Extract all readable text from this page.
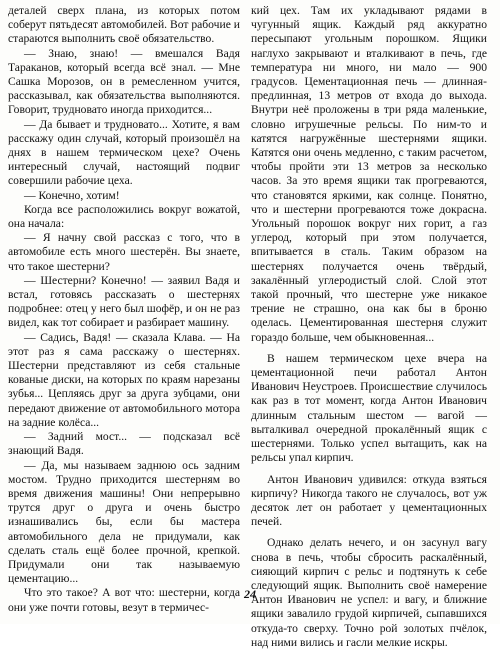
деталей сверх плана, из которых потом соберут пятьдесят автомобилей. Вот рабочие и стараются выполнить своё обязательство.

— Знаю, знаю! — вмешался Вадя Тараканов, который всегда всё знал. — Мне Сашка Морозов, он в ремесленном учится, рассказывал, как обязательства выполняются. Говорит, трудновато иногда приходится...

— Да бывает и трудновато... Хотите, я вам расскажу один случай, который произошёл на днях в нашем термическом цехе? Очень интересный случай, настоящий подвиг совершили рабочие цеха.

— Конечно, хотим!

Когда все расположились вокруг вожатой, она начала:

— Я начну свой рассказ с того, что в автомобиле есть много шестерён. Вы знаете, что такое шестерни?

— Шестерни? Конечно! — заявил Вадя и встал, готовясь рассказать о шестернях подробнее: отец у него был шофёр, и он не раз видел, как тот собирает и разбирает машину.

— Садись, Вадя! — сказала Клава. — На этот раз я сама расскажу о шестернях. Шестерни представляют из себя стальные кованые диски, на которых по краям нарезаны зубья... Цепляясь друг за друга зубцами, они передают движение от автомобильного мотора на задние колёса...

— Задний мост... — подсказал всё знающий Вадя.

— Да, мы называем заднюю ось задним мостом. Трудно приходится шестерням во время движения машины! Они непрерывно трутся друг о друга и очень быстро изнашивались бы, если бы мастера автомобильного дела не придумали, как сделать сталь ещё более прочной, крепкой. Придумали они так называемую цементацию...

Что это такое? А вот что: шестерни, когда они уже почти готовы, везут в термичес-

кий цех. Там их укладывают рядами в чугунный ящик. Каждый ряд аккуратно пересыпают угольным порошком. Ящики наглухо закрывают и вталкивают в печь, где температура ни много, ни мало — 900 градусов. Цементационная печь — длинная-предлинная, 13 метров от входа до выхода. Внутри неё проложены в три ряда маленькие, словно игрушечные рельсы. По ним-то и катятся нагружённые шестернями ящики. Катятся они очень медленно, с таким расчетом, чтобы пройти эти 13 метров за несколько часов. За это время ящики так прогреваются, что становятся яркими, как солнце. Понятно, что и шестерни прогреваются тоже докрасна. Угольный порошок вокруг них горит, а газ углерод, который при этом получается, впитывается в сталь. Таким образом на шестернях получается очень твёрдый, закалённый углеродистый слой. Слой этот такой прочный, что шестерне уже никакое трение не страшно, она как бы в броню оделась. Цементированная шестерня служит гораздо больше, чем обыкновенная...

В нашем термическом цехе вчера на цементационной печи работал Антон Иванович Неустроев. Происшествие случилось как раз в тот момент, когда Антон Иванович длинным стальным шестом — вагой — выталкивал очередной прокалённый ящик с шестернями. Только успел вытащить, как на рельсы упал кирпич.

Антон Иванович удивился: откуда взяться кирпичу? Никогда такого не случалось, вот уж десяток лет он работает у цементационных печей.

Однако делать нечего, и он засунул вагу снова в печь, чтобы сбросить раскалённый, сияющий кирпич с рельс и подтянуть к себе следующий ящик. Выполнить своё намерение Антон Иванович не успел: и вагу, и ближние ящики завалило грудой кирпичей, сыпавшихся откуда-то сверху. Точно рой золотых пчёлок, над ними вились и гасли мелкие искры.

24
